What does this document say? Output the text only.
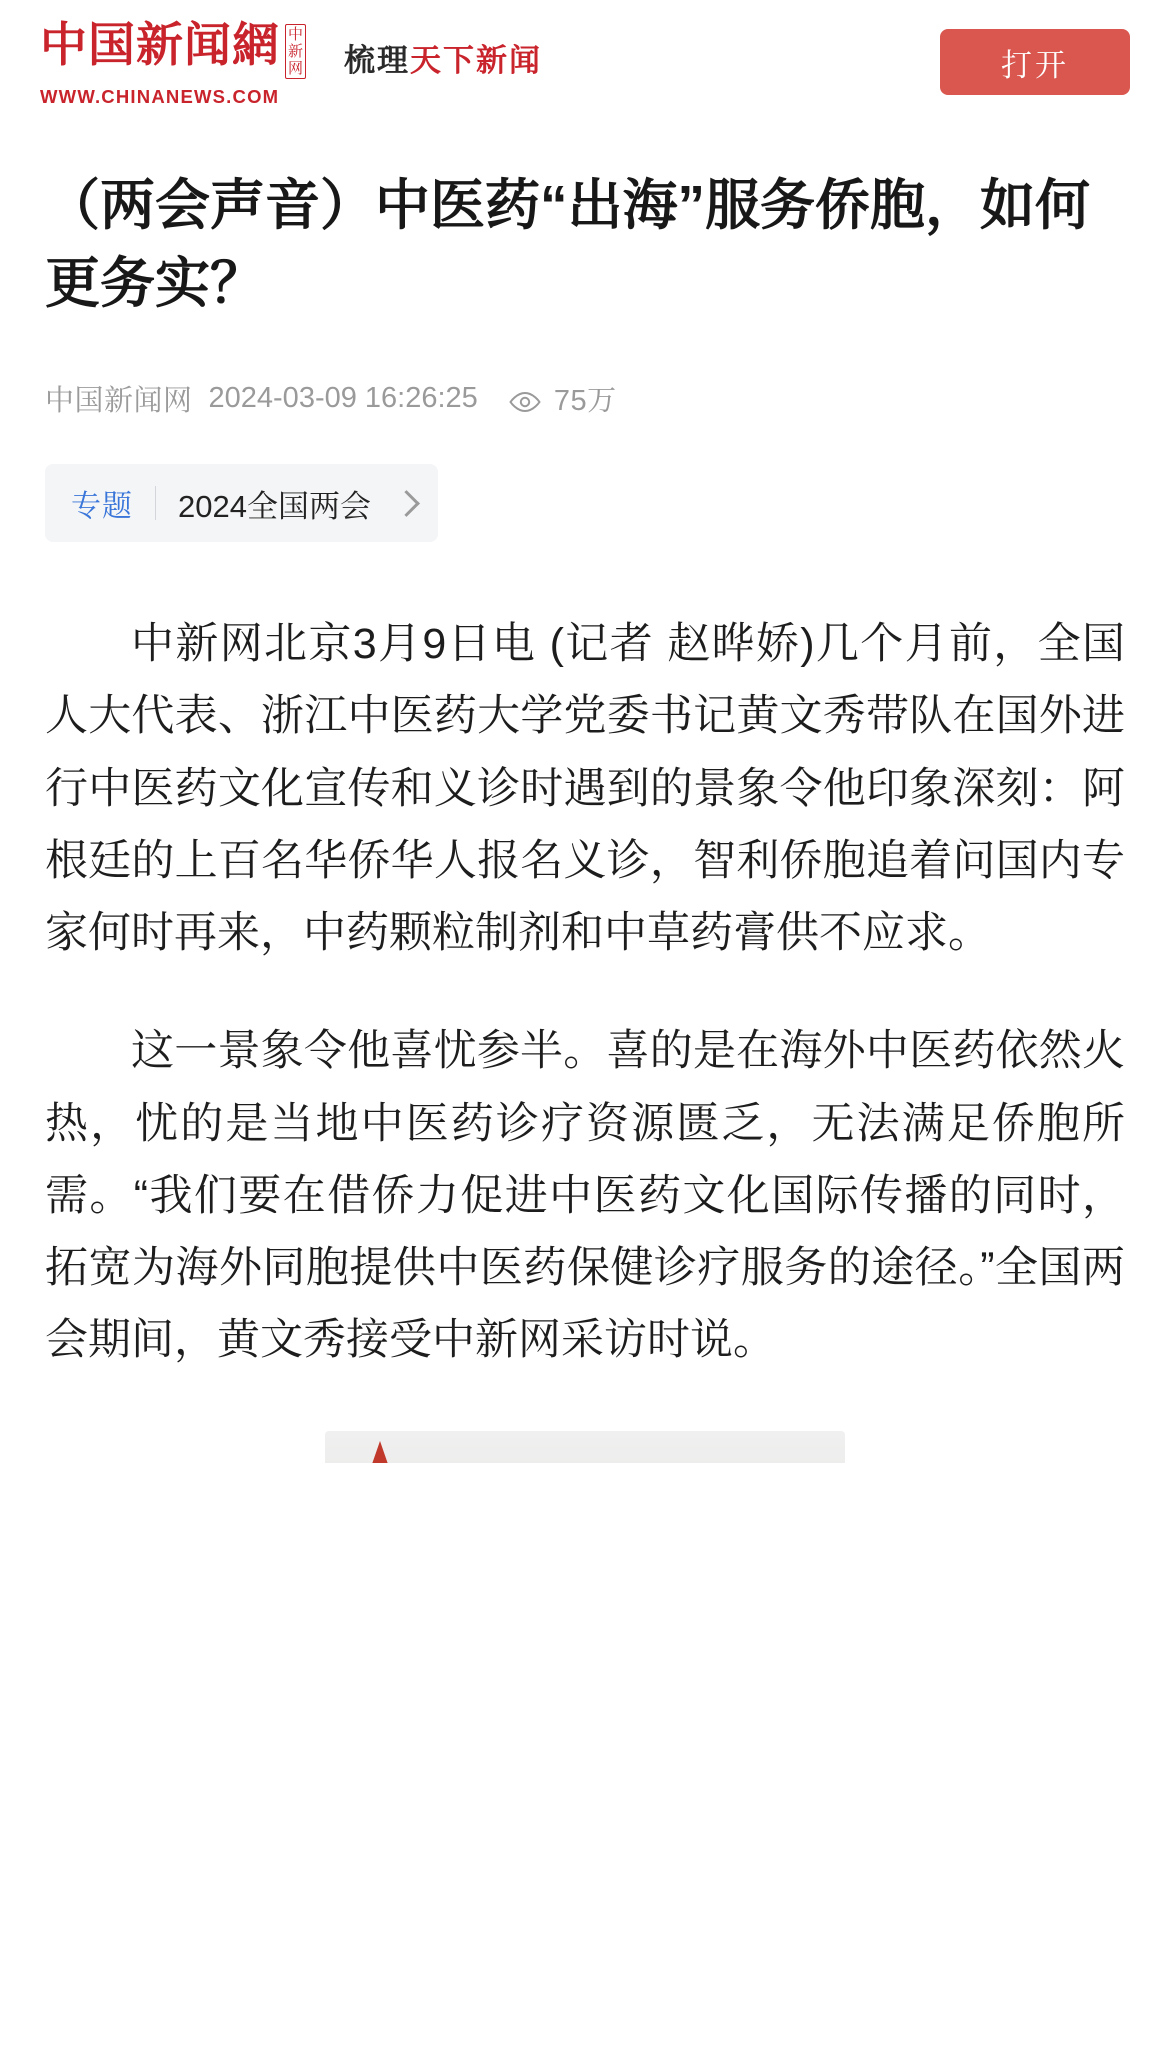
中国新闻網 中
新
网
WWW.CHINANEWS.COM
梳理天下新闻	打开
（两会声音）中医药“出海”服务侨胞，如何更务实？
中国新闻网 2024-03-09 16:26:25	75万
专题 2024全国两会

中新网北京3月9日电 (记者 赵晔娇)几个月前，全国人大代表、浙江中医药大学党委书记黄文秀带队在国外进行中医药文化宣传和义诊时遇到的景象令他印象深刻：阿根廷的上百名华侨华人报名义诊，智利侨胞追着问国内专家何时再来，中药颗粒制剂和中草药膏供不应求。

这一景象令他喜忧参半。喜的是在海外中医药依然火热，忧的是当地中医药诊疗资源匮乏，无法满足侨胞所需。“我们要在借侨力促进中医药文化国际传播的同时，拓宽为海外同胞提供中医药保健诊疗服务的途径。”全国两会期间，黄文秀接受中新网采访时说。
